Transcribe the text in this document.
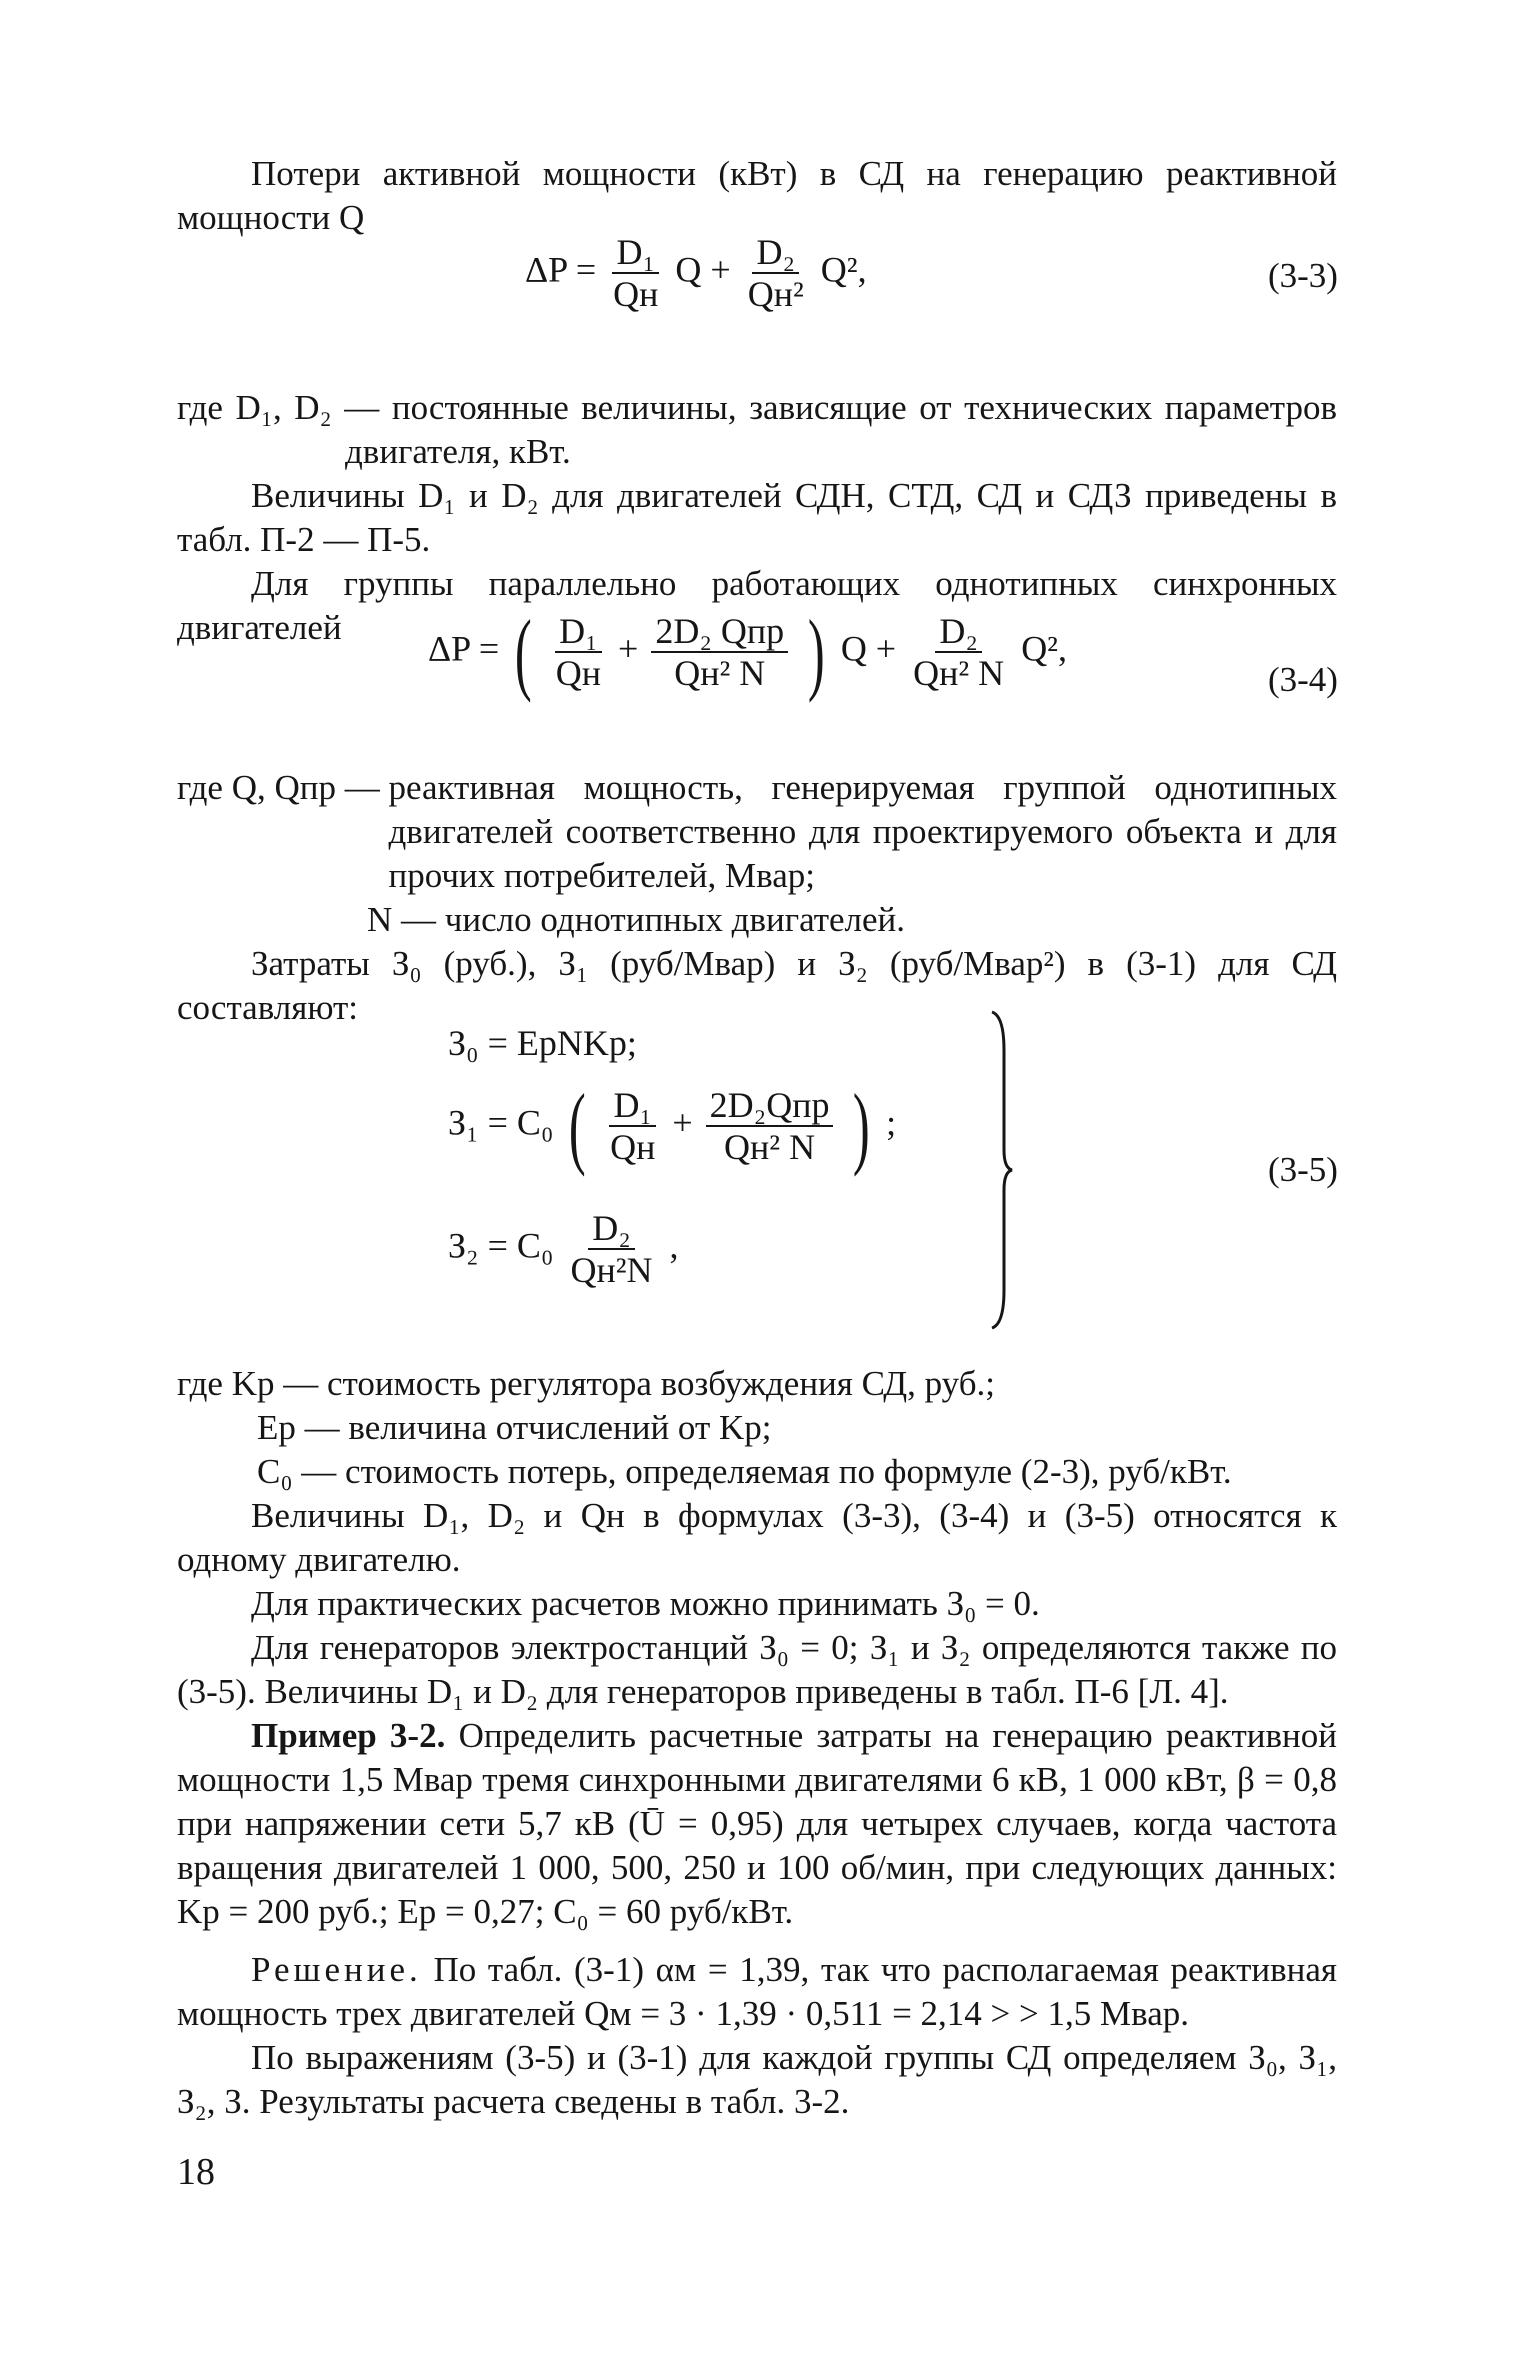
Потери активной мощности (кВт) в СД на генерацию реактивной мощности Q

$\Delta P = \frac{\text{D₁}}{Qн}$ $Q + \frac{\text{D₂}}{\text{Qн²}} Q^2$,	(3-3)

где D₁, D₂ — постоянные величины, зависящие от технических параметров двигателя, кВт.

Величины D₁ и D₂ для двигателей СДН, СТД, СД и СДЗ приведены в табл. П-2 — П-5.

Для группы параллельно работающих однотипных синхронных двигателей

ΔP = ( $\frac{\text{D₁}}{Qн} + \frac{\text{2D₂ Qпр}}{\text{Qн² N}}$ ) $Q + \frac{\text{D₂}}{\text{Qн² N}} Q^2$,
(3-4)
где Q, Qпр — реактивная мощность, генерируемая группой однотипных двигателей соответственно для проектируемого объекта и для прочих потребителей, Мвар;

N — число однотипных двигателей.

Затраты З₀ (руб.), З₁ (руб/Мвар) и З₂ (руб/Мвар²) в (3-1) для СД составляют:

З₀ = EрNKр;
З₁ = C₀ ( $\frac{\text{D₁}}{Qн} + \frac{\text{2D₂Qпр}}{\text{Qн² N}}$ ) ;
$З_2 = C_0 \frac{\text{D₂}}{\text{Qн²N}}$ ,
(3-5)

где Kр — стоимость регулятора возбуждения СД, руб.;

Eр — величина отчислений от Kр;

C₀ — стоимость потерь, определяемая по формуле (2-3), руб/кВт.

Величины D₁, D₂ и Qн в формулах (3-3), (3-4) и (3-5) относятся к одному двигателю.

Для практических расчетов можно принимать З₀ = 0.

Для генераторов электростанций З₀ = 0; З₁ и З₂ определяются также по (3-5). Величины D₁ и D₂ для генераторов приведены в табл. П-6 [Л. 4].

Пример 3-2. Определить расчетные затраты на генерацию реактивной мощности 1,5 Мвар тремя синхронными двигателями 6 кВ, 1 000 кВт, β = 0,8 при напряжении сети 5,7 кВ (Ū = 0,95) для четырех случаев, когда частота вращения двигателей 1 000, 500, 250 и 100 об/мин, при следующих данных: Kр = 200 руб.; Eр = 0,27; C₀ = 60 руб/кВт.

Решение. По табл. (3-1) αм = 1,39, так что располагаемая реактивная мощность трех двигателей Qм = 3 · 1,39 · 0,511 = 2,14 > > 1,5 Мвар.

По выражениям (3-5) и (3-1) для каждой группы СД определяем З₀, З₁, З₂, З. Результаты расчета сведены в табл. 3-2.

18
